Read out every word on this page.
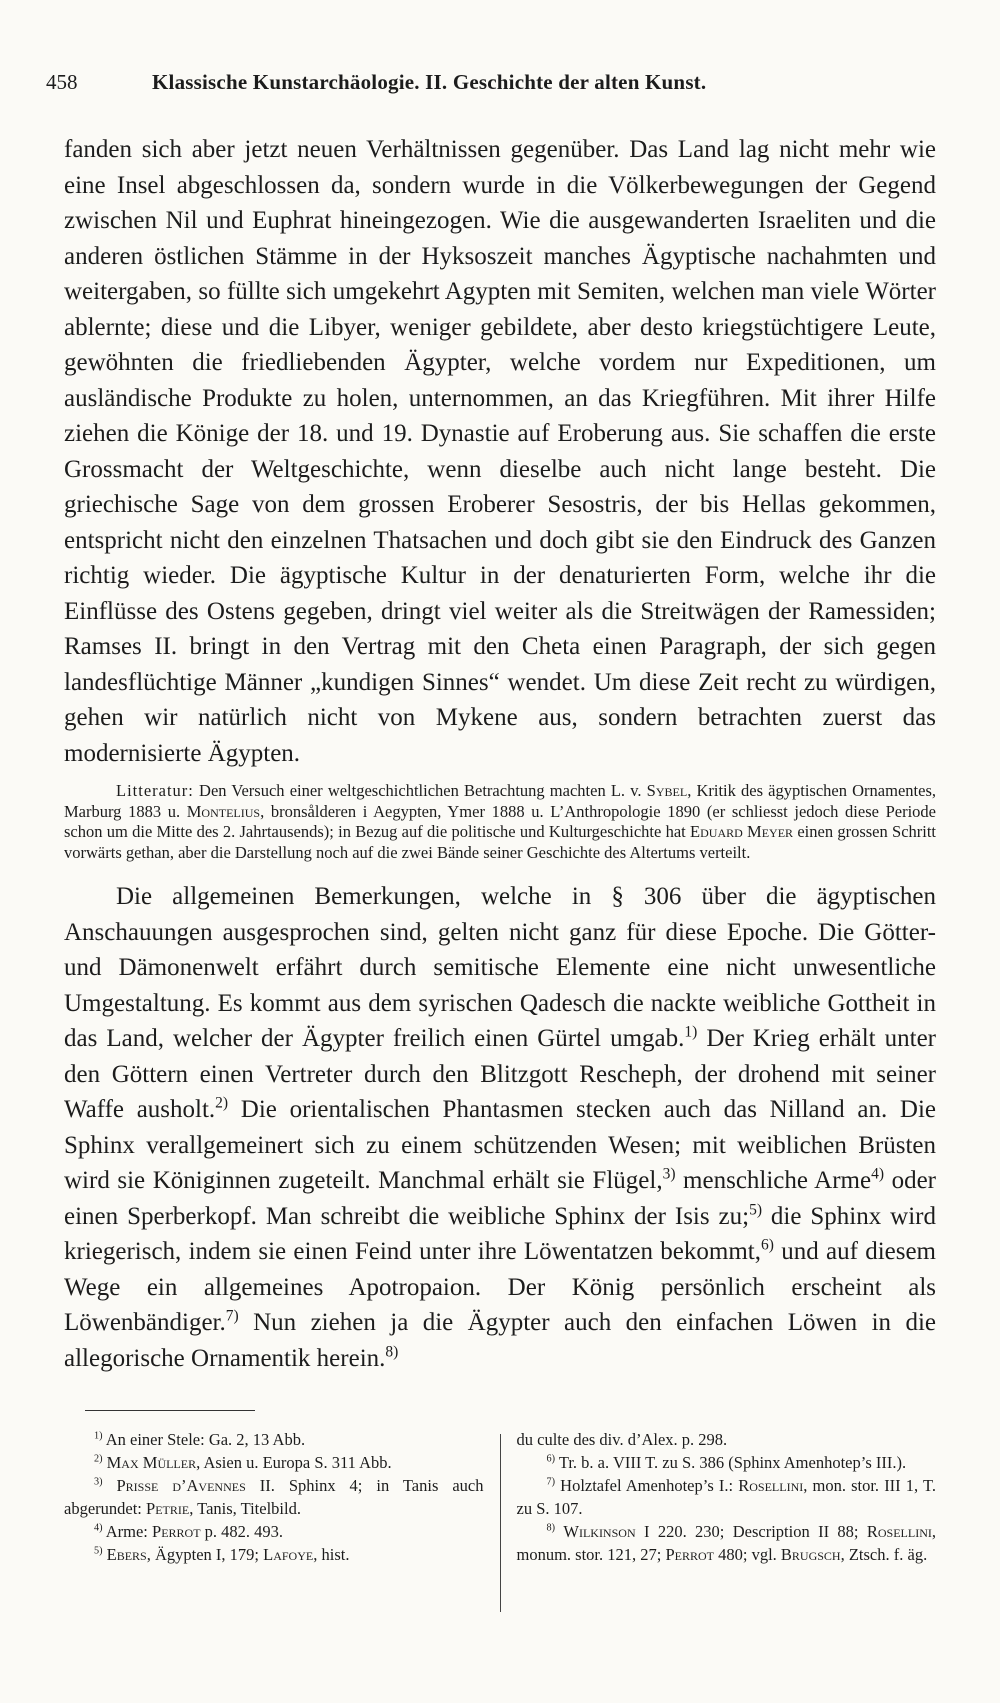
458	Klassische Kunstarchäologie. II. Geschichte der alten Kunst.

fanden sich aber jetzt neuen Verhältnissen gegenüber. Das Land lag nicht mehr wie eine Insel abgeschlossen da, sondern wurde in die Völkerbewegungen der Gegend zwischen Nil und Euphrat hineingezogen. Wie die ausgewanderten Israeliten und die anderen östlichen Stämme in der Hyksoszeit manches Ägyptische nachahmten und weitergaben, so füllte sich umgekehrt Agypten mit Semiten, welchen man viele Wörter ablernte; diese und die Libyer, weniger gebildete, aber desto kriegstüchtigere Leute, gewöhnten die friedliebenden Ägypter, welche vordem nur Expeditionen, um ausländische Produkte zu holen, unternommen, an das Kriegführen. Mit ihrer Hilfe ziehen die Könige der 18. und 19. Dynastie auf Eroberung aus. Sie schaffen die erste Grossmacht der Weltgeschichte, wenn dieselbe auch nicht lange besteht. Die griechische Sage von dem grossen Eroberer Sesostris, der bis Hellas gekommen, entspricht nicht den einzelnen Thatsachen und doch gibt sie den Eindruck des Ganzen richtig wieder. Die ägyptische Kultur in der denaturierten Form, welche ihr die Einflüsse des Ostens gegeben, dringt viel weiter als die Streitwägen der Ramessiden; Ramses II. bringt in den Vertrag mit den Cheta einen Paragraph, der sich gegen landesflüchtige Männer „kundigen Sinnes“ wendet. Um diese Zeit recht zu würdigen, gehen wir natürlich nicht von Mykene aus, sondern betrachten zuerst das modernisierte Ägypten.

Litteratur: Den Versuch einer weltgeschichtlichen Betrachtung machten L. v. Sybel, Kritik des ägyptischen Ornamentes, Marburg 1883 u. Montelius, bronsålderen i Aegypten, Ymer 1888 u. L’Anthropologie 1890 (er schliesst jedoch diese Periode schon um die Mitte des 2. Jahrtausends); in Bezug auf die politische und Kulturgeschichte hat Eduard Meyer einen grossen Schritt vorwärts gethan, aber die Darstellung noch auf die zwei Bände seiner Geschichte des Altertums verteilt.

Die allgemeinen Bemerkungen, welche in § 306 über die ägyptischen Anschauungen ausgesprochen sind, gelten nicht ganz für diese Epoche. Die Götter- und Dämonenwelt erfährt durch semitische Elemente eine nicht unwesentliche Umgestaltung. Es kommt aus dem syrischen Qadesch die nackte weibliche Gottheit in das Land, welcher der Ägypter freilich einen Gürtel umgab.$^{1)}$ Der Krieg erhält unter den Göttern einen Vertreter durch den Blitzgott Rescheph, der drohend mit seiner Waffe ausholt.$^{2)}$ Die orientalischen Phantasmen stecken auch das Nilland an. Die Sphinx verallgemeinert sich zu einem schützenden Wesen; mit weiblichen Brüsten wird sie Königinnen zugeteilt. Manchmal erhält sie Flügel,$^{3)}$ menschliche Arme$^{4)}$ oder einen Sperberkopf. Man schreibt die weibliche Sphinx der Isis zu;$^{5)}$ die Sphinx wird kriegerisch, indem sie einen Feind unter ihre Löwentatzen bekommt,$^{6)}$ und auf diesem Wege ein allgemeines Apotropaion. Der König persönlich erscheint als Löwenbändiger.$^{7)}$ Nun ziehen ja die Ägypter auch den einfachen Löwen in die allegorische Ornamentik herein.$^{8)}$

$^{1)}$ An einer Stele: Ga. 2, 13 Abb.

$^{2)}$ Max Müller, Asien u. Europa S. 311 Abb.

$^{3)}$ Prisse d’Avennes II. Sphinx 4; in Tanis auch abgerundet: Petrie, Tanis, Titelbild.

$^{4)}$ Arme: Perrot p. 482. 493.

$^{5)}$ Ebers, Ägypten I, 179; Lafoye, hist.

du culte des div. d’Alex. p. 298.

$^{6)}$ Tr. b. a. VIII T. zu S. 386 (Sphinx Amenhotep’s III.).

$^{7)}$ Holztafel Amenhotep’s I.: Rosellini, mon. stor. III 1, T. zu S. 107.

$^{8)}$ Wilkinson I 220. 230; Description II 88; Rosellini, monum. stor. 121, 27; Perrot 480; vgl. Brugsch, Ztsch. f. äg.
